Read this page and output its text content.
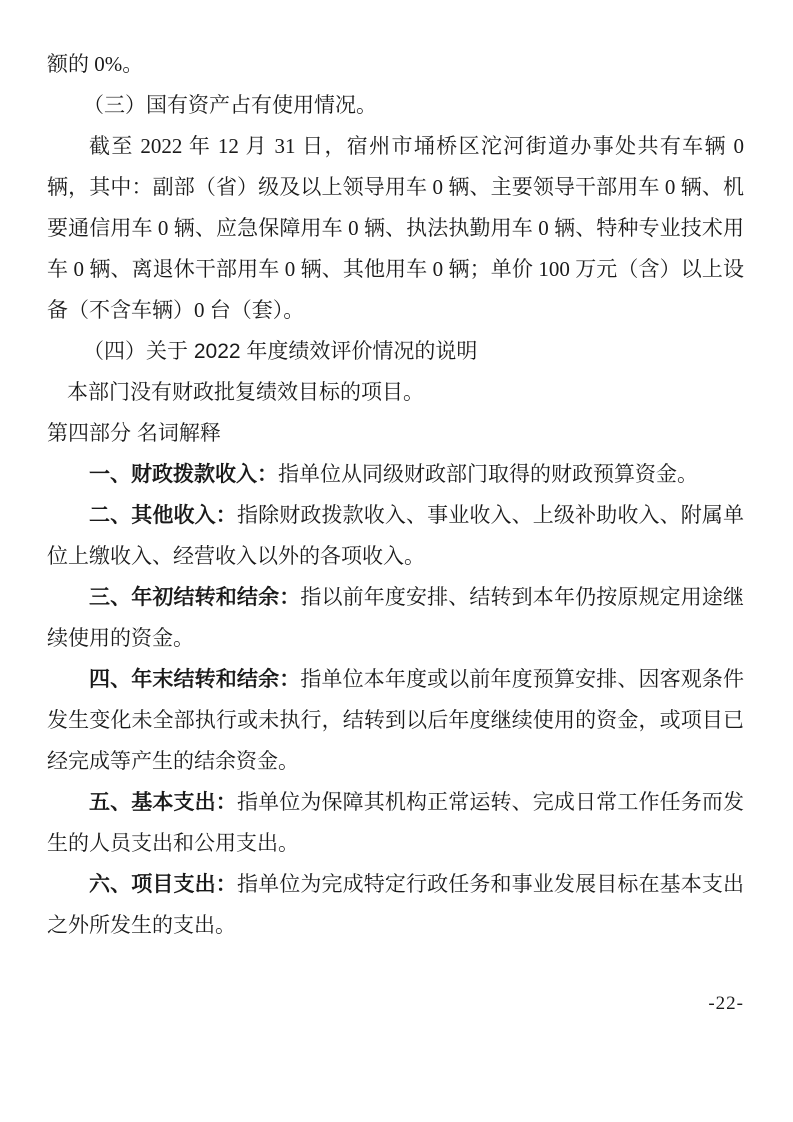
额的 0%。

（三）国有资产占有使用情况。

截至 2022 年 12 月 31 日，宿州市埇桥区沱河街道办事处共有车辆 0 辆，其中：副部（省）级及以上领导用车 0 辆、主要领导干部用车 0 辆、机要通信用车 0 辆、应急保障用车 0 辆、执法执勤用车 0 辆、特种专业技术用车 0 辆、离退休干部用车 0 辆、其他用车 0 辆；单价 100 万元（含）以上设备（不含车辆）0 台（套）。

（四）关于 2022 年度绩效评价情况的说明

本部门没有财政批复绩效目标的项目。

第四部分 名词解释

一、财政拨款收入：指单位从同级财政部门取得的财政预算资金。

二、其他收入：指除财政拨款收入、事业收入、上级补助收入、附属单位上缴收入、经营收入以外的各项收入。

三、年初结转和结余：指以前年度安排、结转到本年仍按原规定用途继续使用的资金。

四、年末结转和结余：指单位本年度或以前年度预算安排、因客观条件发生变化未全部执行或未执行，结转到以后年度继续使用的资金，或项目已经完成等产生的结余资金。

五、基本支出：指单位为保障其机构正常运转、完成日常工作任务而发生的人员支出和公用支出。

六、项目支出：指单位为完成特定行政任务和事业发展目标在基本支出之外所发生的支出。

-22-
